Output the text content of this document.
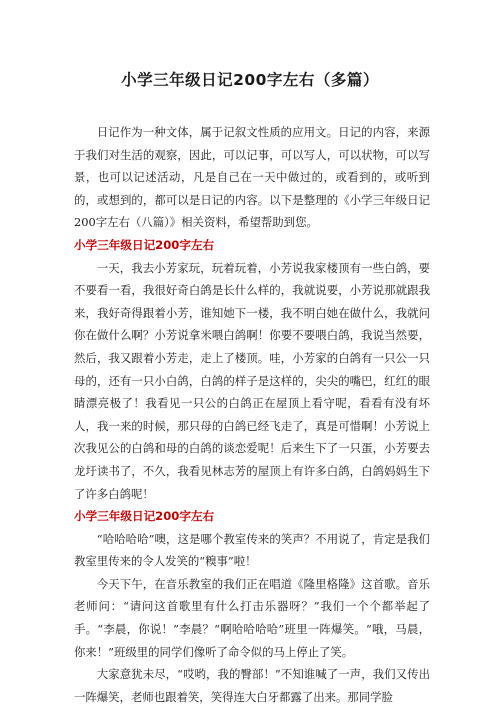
小学三年级日记200字左右（多篇）

日记作为一种文体，属于记叙文性质的应用文。日记的内容，来源于我们对生活的观察，因此，可以记事，可以写人，可以状物，可以写景，也可以记述活动，凡是自己在一天中做过的，或看到的，或听到的，或想到的，都可以是日记的内容。以下是整理的《小学三年级日记200字左右（八篇）》相关资料，希望帮助到您。

小学三年级日记200字左右

一天，我去小芳家玩，玩着玩着，小芳说我家楼顶有一些白鸽，要不要看一看，我很好奇白鸽是长什么样的，我就说要，小芳说那就跟我来，我好奇得跟着小芳，谁知她下一楼，我不明白她在做什么，我就问你在做什么啊？小芳说拿米喂白鸽啊！你要不要喂白鸽，我说当然要，然后，我又跟着小芳走，走上了楼顶。哇，小芳家的白鸽有一只公一只母的，还有一只小白鸽，白鸽的样子是这样的，尖尖的嘴巴，红红的眼睛漂亮极了！我看见一只公的白鸽正在屋顶上看守呢，看看有没有坏人，我一来的时候，那只母的白鸽已经飞走了，真是可惜啊！小芳说上次我见公的白鸽和母的白鸽的谈恋爱呢！后来生下了一只蛋，小芳要去龙圩读书了，不久，我看见林志芳的屋顶上有许多白鸽，白鸽妈妈生下了许多白鸽呢！

小学三年级日记200字左右

“哈哈哈哈”噢，这是哪个教室传来的笑声？不用说了，肯定是我们教室里传来的令人发笑的“糗事”啦！

今天下午，在音乐教室的我们正在唱道《隆里格隆》这首歌。音乐老师问：“请问这首歌里有什么打击乐器呀？”我们一个个都举起了手。“李晨，你说！”李晨？“啊哈哈哈哈”班里一阵爆笑。“哦，马晨，你来！”班级里的同学们像听了命令似的马上停止了笑。

大家意犹未尽，“哎哟，我的臀部！”不知谁喊了一声，我们又传出一阵爆笑，老师也跟着笑，笑得连大白牙都露了出来。那同学脸
